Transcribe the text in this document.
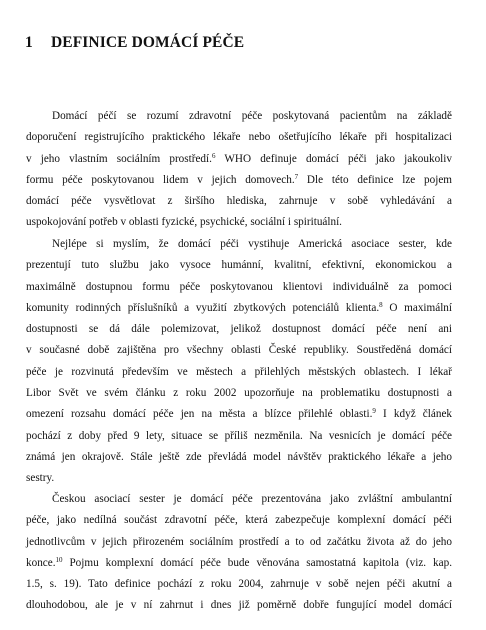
1 DEFINICE DOMÁCÍ PÉČE
Domácí péčí se rozumí zdravotní péče poskytovaná pacientům na základě
doporučení registrujícího praktického lékaře nebo ošetřujícího lékaře při hospitalizaci
v jeho vlastním sociálním prostředí.$^6$ WHO definuje domácí péči jako jakoukoliv
formu péče poskytovanou lidem v jejich domovech.$^7$ Dle této definice lze pojem
domácí péče vysvětlovat z širšího hlediska, zahrnuje v sobě vyhledávání a
uspokojování potřeb v oblasti fyzické, psychické, sociální i spirituální.
Nejlépe si myslím, že domácí péči vystihuje Americká asociace sester, kde
prezentují tuto službu jako vysoce humánní, kvalitní, efektivní, ekonomickou a
maximálně dostupnou formu péče poskytovanou klientovi individuálně za pomoci
komunity rodinných příslušníků a využití zbytkových potenciálů klienta.$^8$ O maximální
dostupnosti se dá dále polemizovat, jelikož dostupnost domácí péče není ani
v současné době zajištěna pro všechny oblasti České republiky. Soustředěná domácí
péče je rozvinutá především ve městech a přilehlých městských oblastech. I lékař
Libor Svět ve svém článku z roku 2002 upozorňuje na problematiku dostupnosti a
omezení rozsahu domácí péče jen na města a blízce přilehlé oblasti.$^9$ I když článek
pochází z doby před 9 lety, situace se příliš nezměnila. Na vesnicích je domácí péče
známá jen okrajově. Stále ještě zde převládá model návštěv praktického lékaře a jeho
sestry.
Českou asociací sester je domácí péče prezentována jako zvláštní ambulantní
péče, jako nedílná součást zdravotní péče, která zabezpečuje komplexní domácí péči
jednotlivcům v jejich přirozeném sociálním prostředí a to od začátku života až do jeho
konce.$^{10}$ Pojmu komplexní domácí péče bude věnována samostatná kapitola (viz. kap.
1.5, s. 19). Tato definice pochází z roku 2004, zahrnuje v sobě nejen péči akutní a
dlouhodobou, ale je v ní zahrnut i dnes již poměrně dobře fungující model domácí
